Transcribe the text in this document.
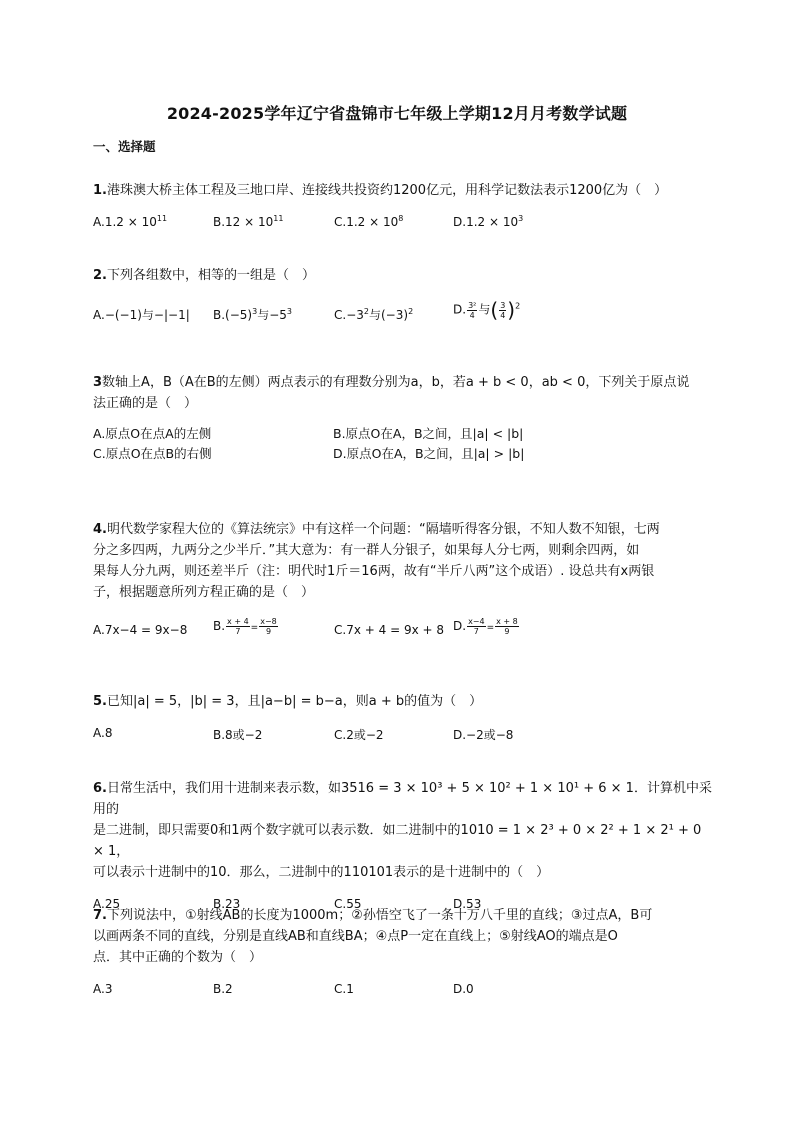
2024-2025学年辽宁省盘锦市七年级上学期12月月考数学试题
一、选择题
1.港珠澳大桥主体工程及三地口岸、连接线共投资约1200亿元，用科学记数法表示1200亿为（　）
$A.1.2 \times 10^{11}$	$B.12 \times 10^{11}$	$C.1.2 \times 10^8$	$D.1.2 \times 10^3$
2.下列各组数中，相等的一组是（　）
A.−(−1)与−|−1| $B.(-5)^3$与$-5^3$	$C.-3^2$与$(-3)^2$	D. $\frac{\text{3²}}{4}$ 与( $\frac{3}{4} )^2$
3数轴上A，B（A在B的左侧）两点表示的有理数分别为a，b，若a + b < 0，ab < 0，下列关于原点说
法正确的是（　）
A.原点O在点A的左侧	B.原点O在A，B之间，且|a| < |b|
C.原点O在点B的右侧	D.原点O在A，B之间，且|a| > |b|
4.明代数学家程大位的《算法统宗》中有这样一个问题：“隔墙听得客分银，不知人数不知银，七两
分之多四两，九两分之少半斤．”其大意为：有一群人分银子，如果每人分七两，则剩余四两，如
果每人分九两，则还差半斤（注：明代时1斤＝16两，故有“半斤八两”这个成语）. 设总共有x两银
子，根据题意所列方程正确的是（　）
A.7x−4 = 9x−8 B. $\frac{x + 4}{7} = \frac{x-8}{9}$	C.7x + 4 = 9x + 8 D. $\frac{x-4}{7} = \frac{x + 8}{9}$
5.已知|a| = 5，|b| = 3，且|a−b| = b−a，则a + b的值为（　）
A.8	B.8或−2	C.2或−2	D.−2或−8
6.日常生活中，我们用十进制来表示数，如3516 = 3 × 10³ + 5 × 10² + 1 × 10¹ + 6 × 1．计算机中采用的
是二进制，即只需要0和1两个数字就可以表示数．如二进制中的1010 = 1 × 2³ + 0 × 2² + 1 × 2¹ + 0 × 1，
可以表示十进制中的10．那么，二进制中的110101表示的是十进制中的（　）
A.25	B.23	C.55	D.53
7.下列说法中，①射线AB的长度为1000m；②孙悟空飞了一条十万八千里的直线；③过点A，B可
以画两条不同的直线，分别是直线AB和直线BA；④点P一定在直线上；⑤射线AO的端点是O
点．其中正确的个数为（　）
A.3	B.2	C.1	D.0
